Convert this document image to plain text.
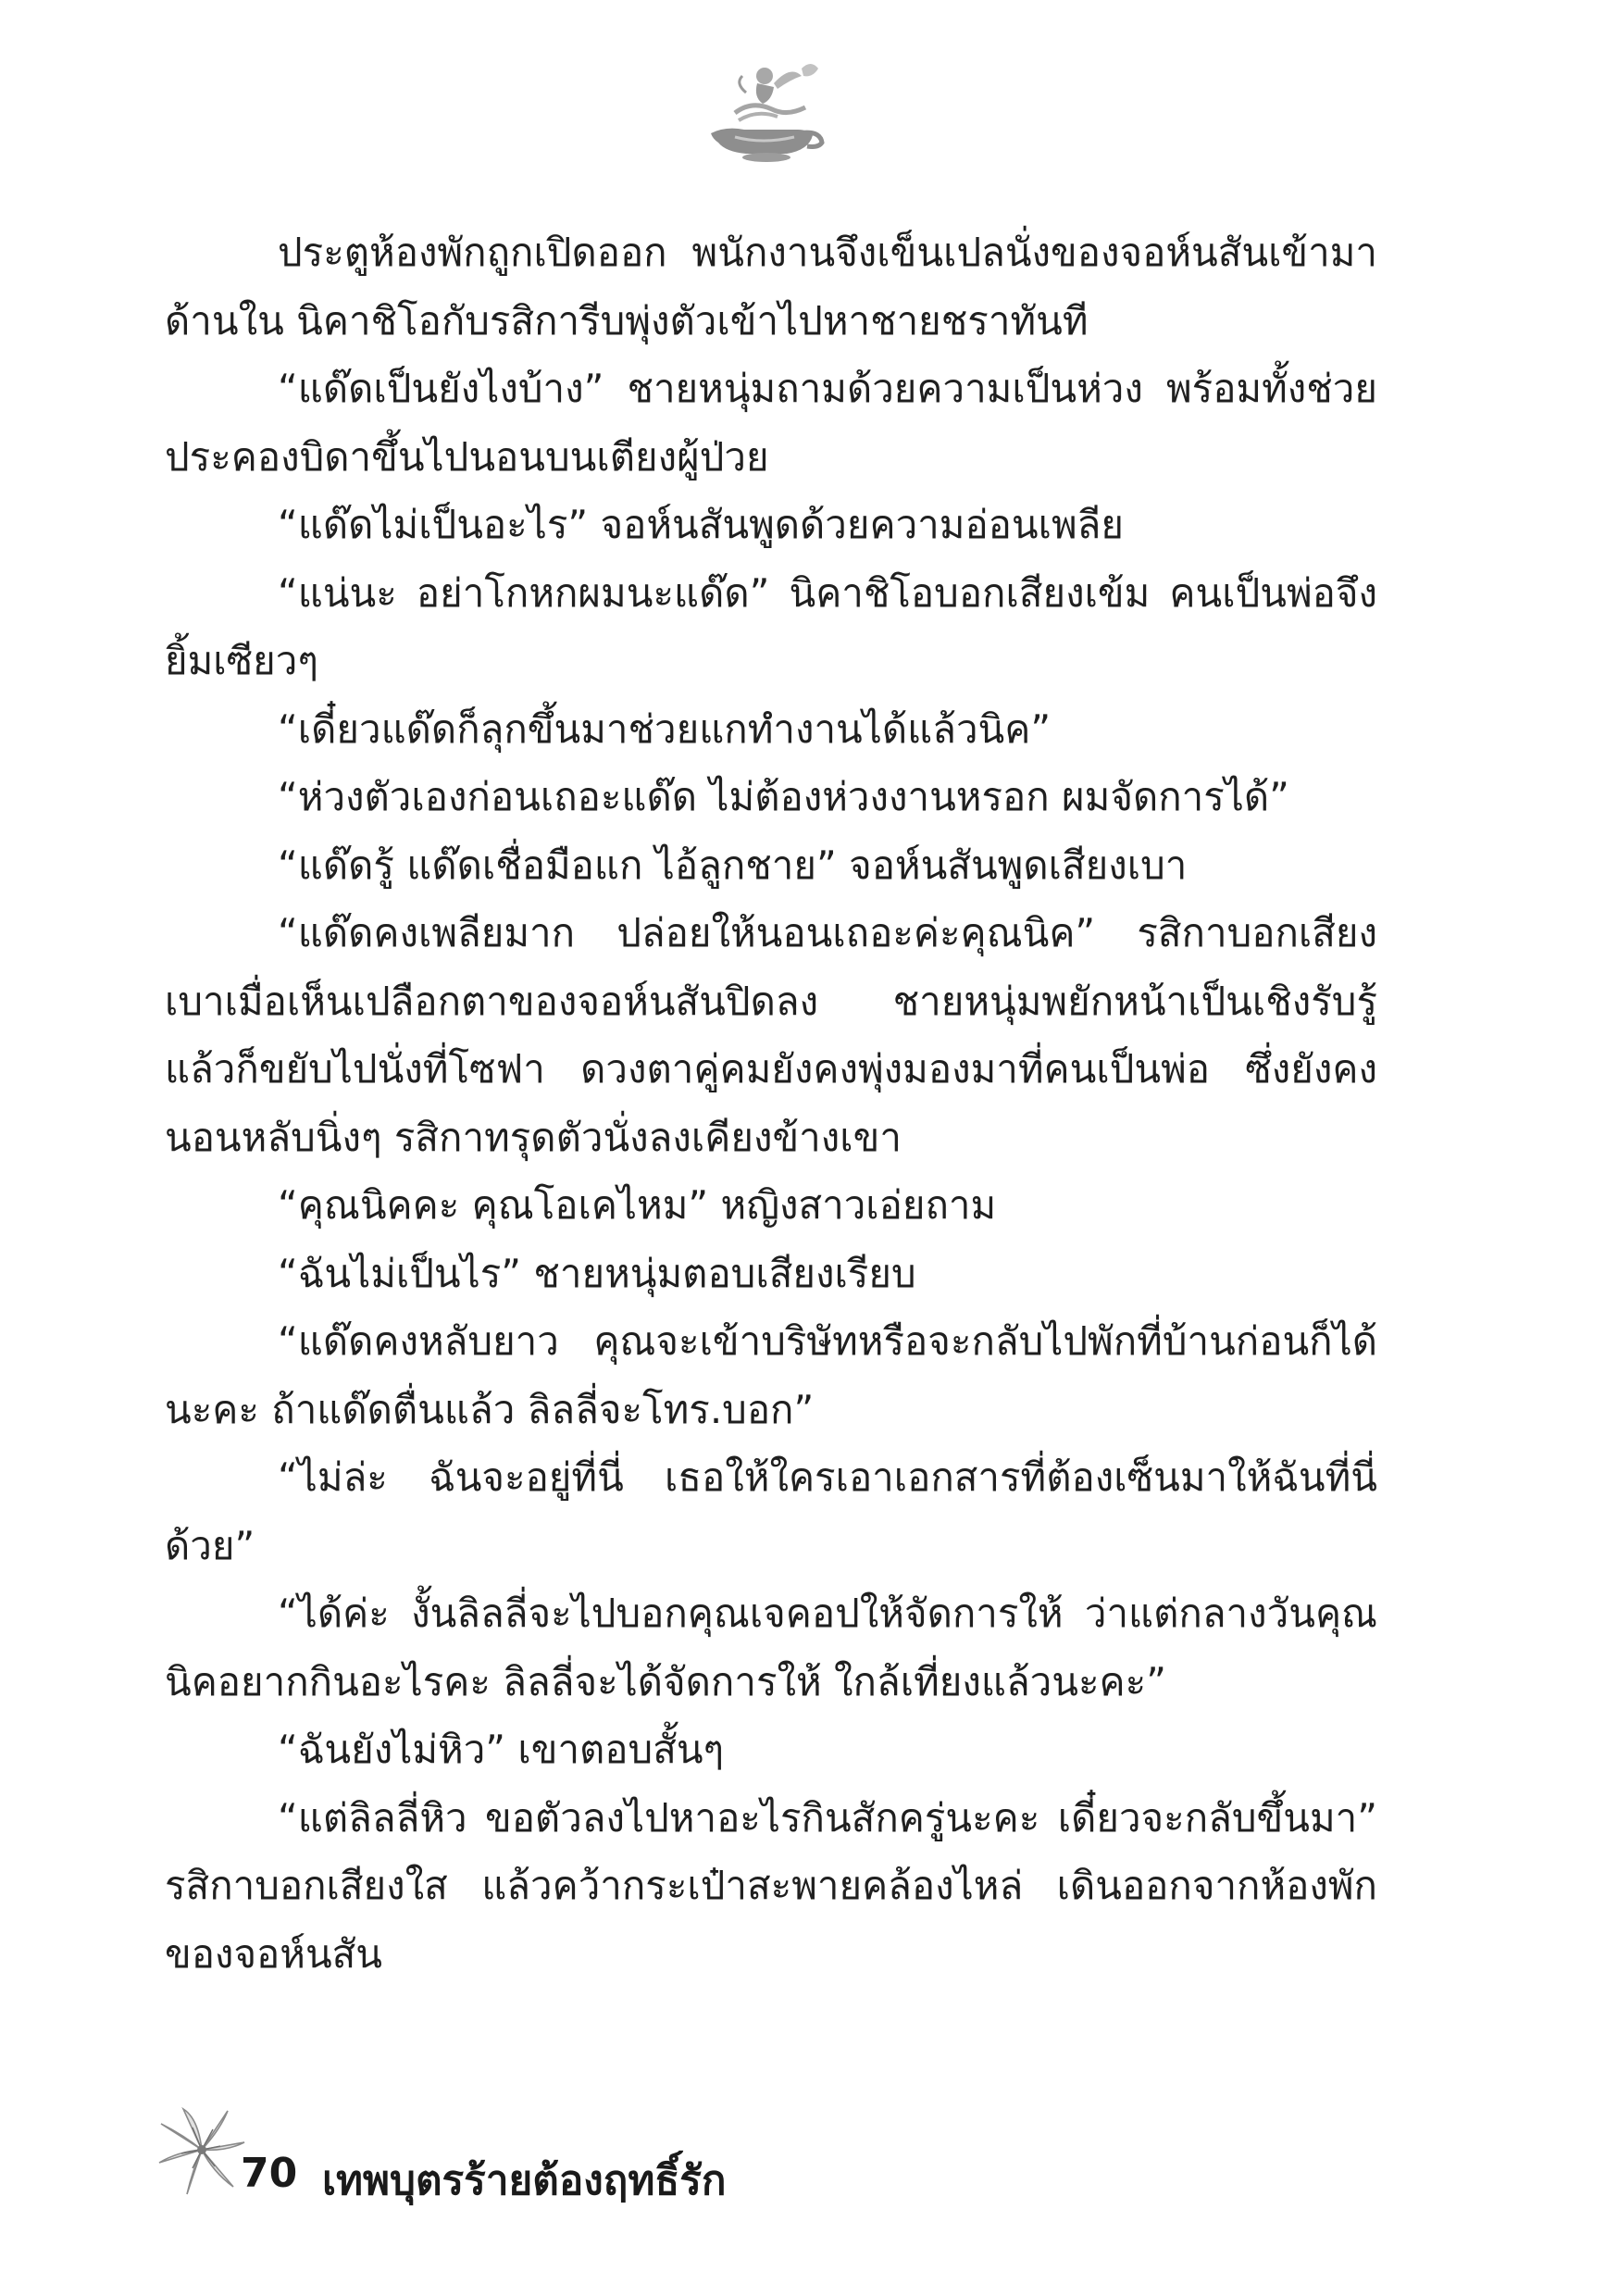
ประตูห้องพักถูกเปิดออก พนักงานจึงเข็นเปลนั่งของจอห์นสันเข้ามาด้านใน นิคาชิโอกับรสิการีบพุ่งตัวเข้าไปหาชายชราทันที

“แด๊ดเป็นยังไงบ้าง” ชายหนุ่มถามด้วยความเป็นห่วง พร้อมทั้งช่วยประคองบิดาขึ้นไปนอนบนเตียงผู้ป่วย

“แด๊ดไม่เป็นอะไร” จอห์นสันพูดด้วยความอ่อนเพลีย

“แน่นะ อย่าโกหกผมนะแด๊ด” นิคาชิโอบอกเสียงเข้ม คนเป็นพ่อจึงยิ้มเซียวๆ

“เดี๋ยวแด๊ดก็ลุกขึ้นมาช่วยแกทำงานได้แล้วนิค”

“ห่วงตัวเองก่อนเถอะแด๊ด ไม่ต้องห่วงงานหรอก ผมจัดการได้”

“แด๊ดรู้ แด๊ดเชื่อมือแก ไอ้ลูกชาย” จอห์นสันพูดเสียงเบา

“แด๊ดคงเพลียมาก ปล่อยให้นอนเถอะค่ะคุณนิค” รสิกาบอกเสียงเบาเมื่อเห็นเปลือกตาของจอห์นสันปิดลง ชายหนุ่มพยักหน้าเป็นเชิงรับรู้ แล้วก็ขยับไปนั่งที่โซฟา ดวงตาคู่คมยังคงพุ่งมองมาที่คนเป็นพ่อ ซึ่งยังคงนอนหลับนิ่งๆ รสิกาทรุดตัวนั่งลงเคียงข้างเขา

“คุณนิคคะ คุณโอเคไหม” หญิงสาวเอ่ยถาม

“ฉันไม่เป็นไร” ชายหนุ่มตอบเสียงเรียบ

“แด๊ดคงหลับยาว คุณจะเข้าบริษัทหรือจะกลับไปพักที่บ้านก่อนก็ได้นะคะ ถ้าแด๊ดตื่นแล้ว ลิลลี่จะโทร.บอก”

“ไม่ล่ะ ฉันจะอยู่ที่นี่ เธอให้ใครเอาเอกสารที่ต้องเซ็นมาให้ฉันที่นี่ด้วย”

“ได้ค่ะ งั้นลิลลี่จะไปบอกคุณเจคอปให้จัดการให้ ว่าแต่กลางวันคุณนิคอยากกินอะไรคะ ลิลลี่จะได้จัดการให้ ใกล้เที่ยงแล้วนะคะ”

“ฉันยังไม่หิว” เขาตอบสั้นๆ

“แต่ลิลลี่หิว ขอตัวลงไปหาอะไรกินสักครู่นะคะ เดี๋ยวจะกลับขึ้นมา” รสิกาบอกเสียงใส แล้วคว้ากระเป๋าสะพายคล้องไหล่ เดินออกจากห้องพักของจอห์นสัน

70 เทพบุตรร้ายต้องฤทธิ์รัก
